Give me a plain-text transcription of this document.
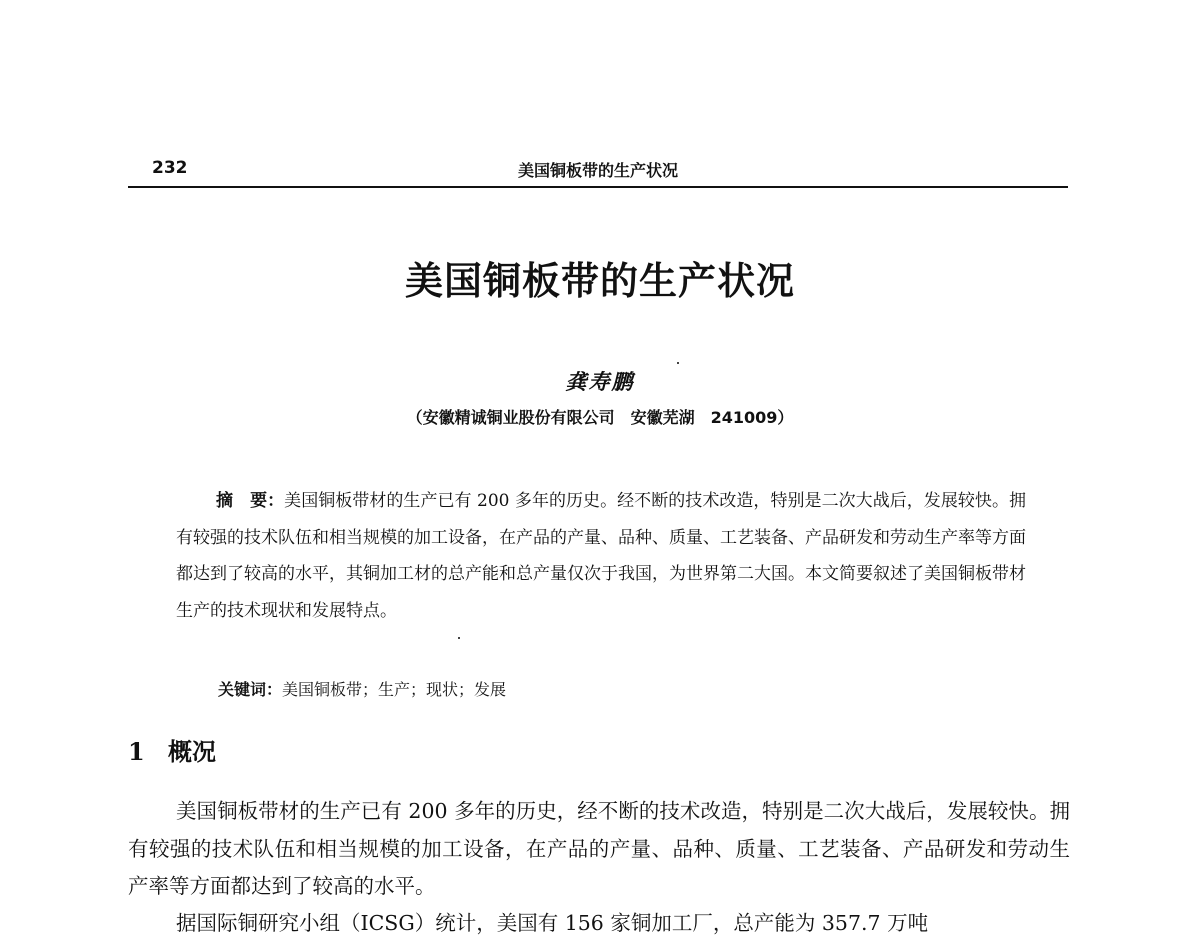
232	美国铜板带的生产状况
美国铜板带的生产状况
龚寿鹏
（安徽精诚铜业股份有限公司　安徽芜湖　241009）
摘　要：美国铜板带材的生产已有 200 多年的历史。经不断的技术改造，特别是二次大战后，发展较快。拥有较强的技术队伍和相当规模的加工设备，在产品的产量、品种、质量、工艺装备、产品研发和劳动生产率等方面都达到了较高的水平，其铜加工材的总产能和总产量仅次于我国，为世界第二大国。本文简要叙述了美国铜板带材生产的技术现状和发展特点。
关键词：美国铜板带；生产；现状；发展
1 概况
美国铜板带材的生产已有 200 多年的历史，经不断的技术改造，特别是二次大战后，发展较快。拥有较强的技术队伍和相当规模的加工设备，在产品的产量、品种、质量、工艺装备、产品研发和劳动生产率等方面都达到了较高的水平。
据国际铜研究小组（ICSG）统计，美国有 156 家铜加工厂，总产能为 357.7 万吨
